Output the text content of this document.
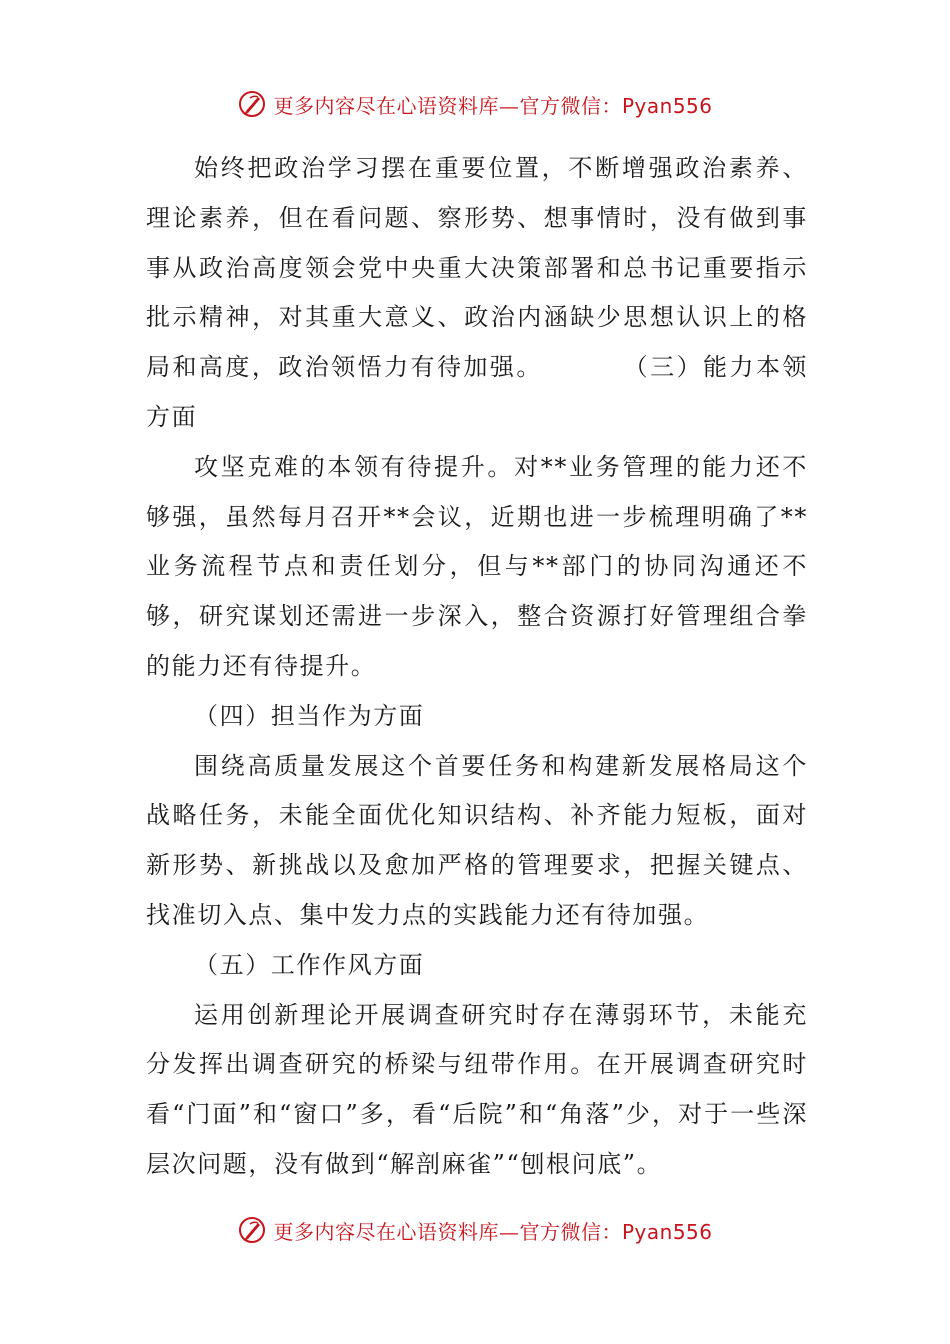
更多内容尽在心语资料库—官方微信：Pyan556

始终把政治学习摆在重要位置，不断增强政治素养、理论素养，但在看问题、察形势、想事情时，没有做到事事从政治高度领会党中央重大决策部署和总书记重要指示批示精神，对其重大意义、政治内涵缺少思想认识上的格局和高度，政治领悟力有待加强。	（三）能力本领方面

攻坚克难的本领有待提升。对**业务管理的能力还不够强，虽然每月召开**会议，近期也进一步梳理明确了**业务流程节点和责任划分，但与**部门的协同沟通还不够，研究谋划还需进一步深入，整合资源打好管理组合拳的能力还有待提升。

（四）担当作为方面

围绕高质量发展这个首要任务和构建新发展格局这个战略任务，未能全面优化知识结构、补齐能力短板，面对新形势、新挑战以及愈加严格的管理要求，把握关键点、找准切入点、集中发力点的实践能力还有待加强。

（五）工作作风方面

运用创新理论开展调查研究时存在薄弱环节，未能充分发挥出调查研究的桥梁与纽带作用。在开展调查研究时看“门面”和“窗口”多，看“后院”和“角落”少，对于一些深层次问题，没有做到“解剖麻雀”“刨根问底”。

更多内容尽在心语资料库—官方微信：Pyan556
